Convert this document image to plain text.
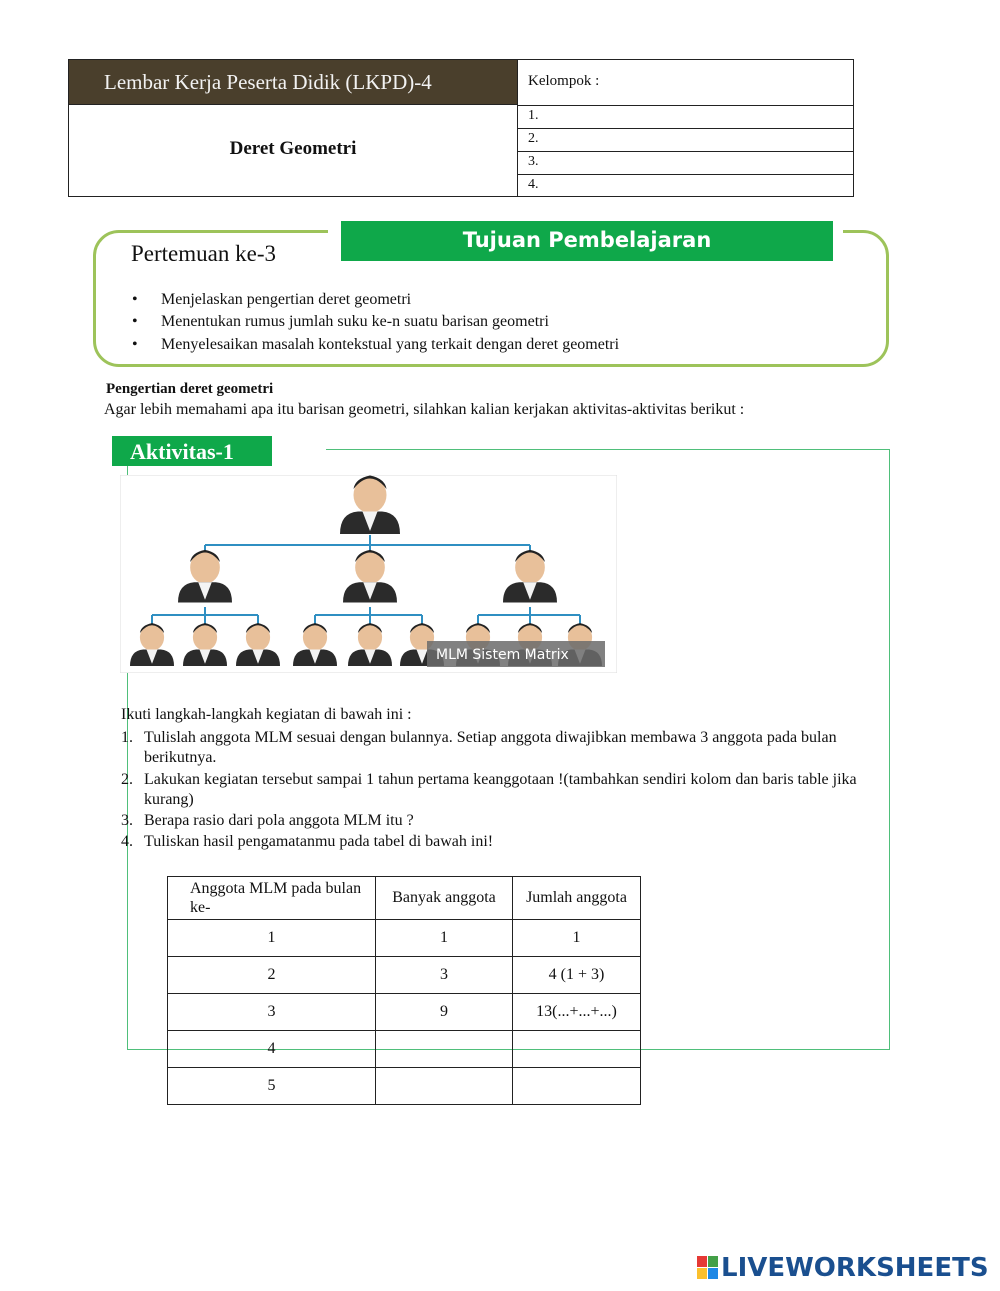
Lembar Kerja Peserta Didik (LKPD)-4
Deret Geometri
Kelompok :
1.
2.
3.
4.
Tujuan Pembelajaran
Pertemuan ke-3
• Menjelaskan pengertian deret geometri
• Menentukan rumus jumlah suku ke-n suatu barisan geometri
• Menyelesaikan masalah kontekstual yang terkait dengan deret geometri
Pengertian deret geometri
Agar lebih memahami apa itu barisan geometri, silahkan kalian kerjakan aktivitas-aktivitas berikut :
Aktivitas-1
MLM Sistem Matrix
Ikuti langkah-langkah kegiatan di bawah ini :
1. Tulislah anggota MLM sesuai dengan bulannya. Setiap anggota diwajibkan membawa 3 anggota pada bulan berikutnya.
2. Lakukan kegiatan tersebut sampai 1 tahun pertama keanggotaan !(tambahkan sendiri kolom dan baris table jika kurang)
3. Berapa rasio dari pola anggota MLM itu ?
4. Tuliskan hasil pengamatanmu pada tabel di bawah ini!
Anggota MLM pada bulan ke-	Banyak anggota	Jumlah anggota
1	1	1
2	3	4 (1 + 3)
3	9	13(...+...+...)
4		
5		
LIVEWORKSHEETS
